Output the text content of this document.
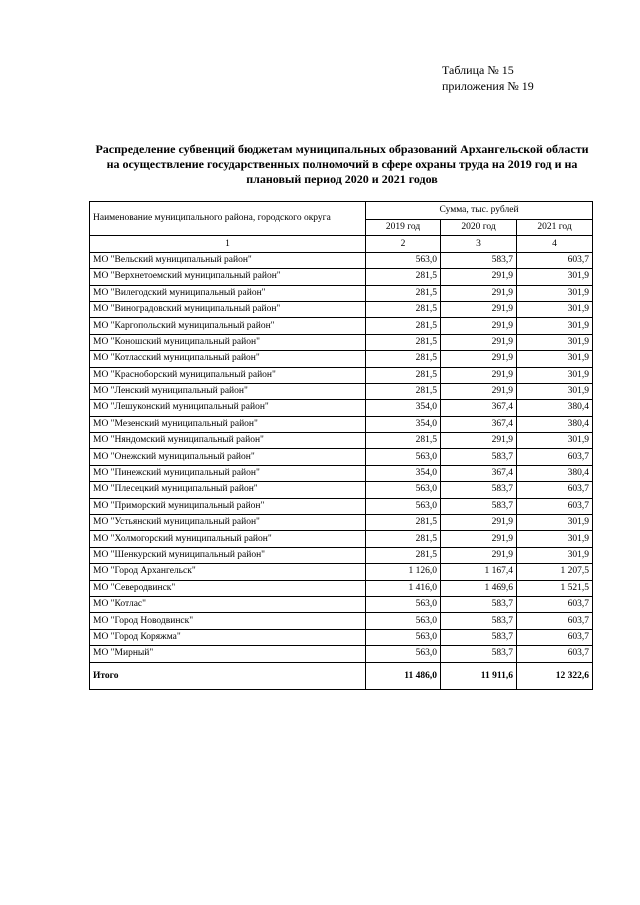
Таблица № 15
приложения № 19
Распределение субвенций бюджетам муниципальных образований Архангельской области на осуществление государственных полномочий в сфере охраны труда на 2019 год и на плановый период 2020 и 2021 годов
Наименование муниципального района, городского округа	Сумма, тыс. рублей		
	2019 год	2020 год	2021 год
1	2	3	4
МО "Вельский муниципальный район"	563,0	583,7	603,7
МО "Верхнетоемский муниципальный район"	281,5	291,9	301,9
МО "Вилегодский муниципальный район"	281,5	291,9	301,9
МО "Виноградовский муниципальный район"	281,5	291,9	301,9
МО "Каргопольский муниципальный район"	281,5	291,9	301,9
МО "Коношский муниципальный район"	281,5	291,9	301,9
МО "Котласский муниципальный район"	281,5	291,9	301,9
МО "Красноборский муниципальный район"	281,5	291,9	301,9
МО "Ленский муниципальный район"	281,5	291,9	301,9
МО "Лешуконский муниципальный район"	354,0	367,4	380,4
МО "Мезенский муниципальный район"	354,0	367,4	380,4
МО "Няндомский муниципальный район"	281,5	291,9	301,9
МО "Онежский муниципальный район"	563,0	583,7	603,7
МО "Пинежский муниципальный район"	354,0	367,4	380,4
МО "Плесецкий муниципальный район"	563,0	583,7	603,7
МО "Приморский муниципальный район"	563,0	583,7	603,7
МО "Устьянский муниципальный район"	281,5	291,9	301,9
МО "Холмогорский муниципальный район"	281,5	291,9	301,9
МО "Шенкурский муниципальный район"	281,5	291,9	301,9
МО "Город Архангельск"	1 126,0	1 167,4	1 207,5
МО "Северодвинск"	1 416,0	1 469,6	1 521,5
МО "Котлас"	563,0	583,7	603,7
МО "Город Новодвинск"	563,0	583,7	603,7
МО "Город Коряжма"	563,0	583,7	603,7
МО "Мирный"	563,0	583,7	603,7
Итого	11 486,0	11 911,6	12 322,6
